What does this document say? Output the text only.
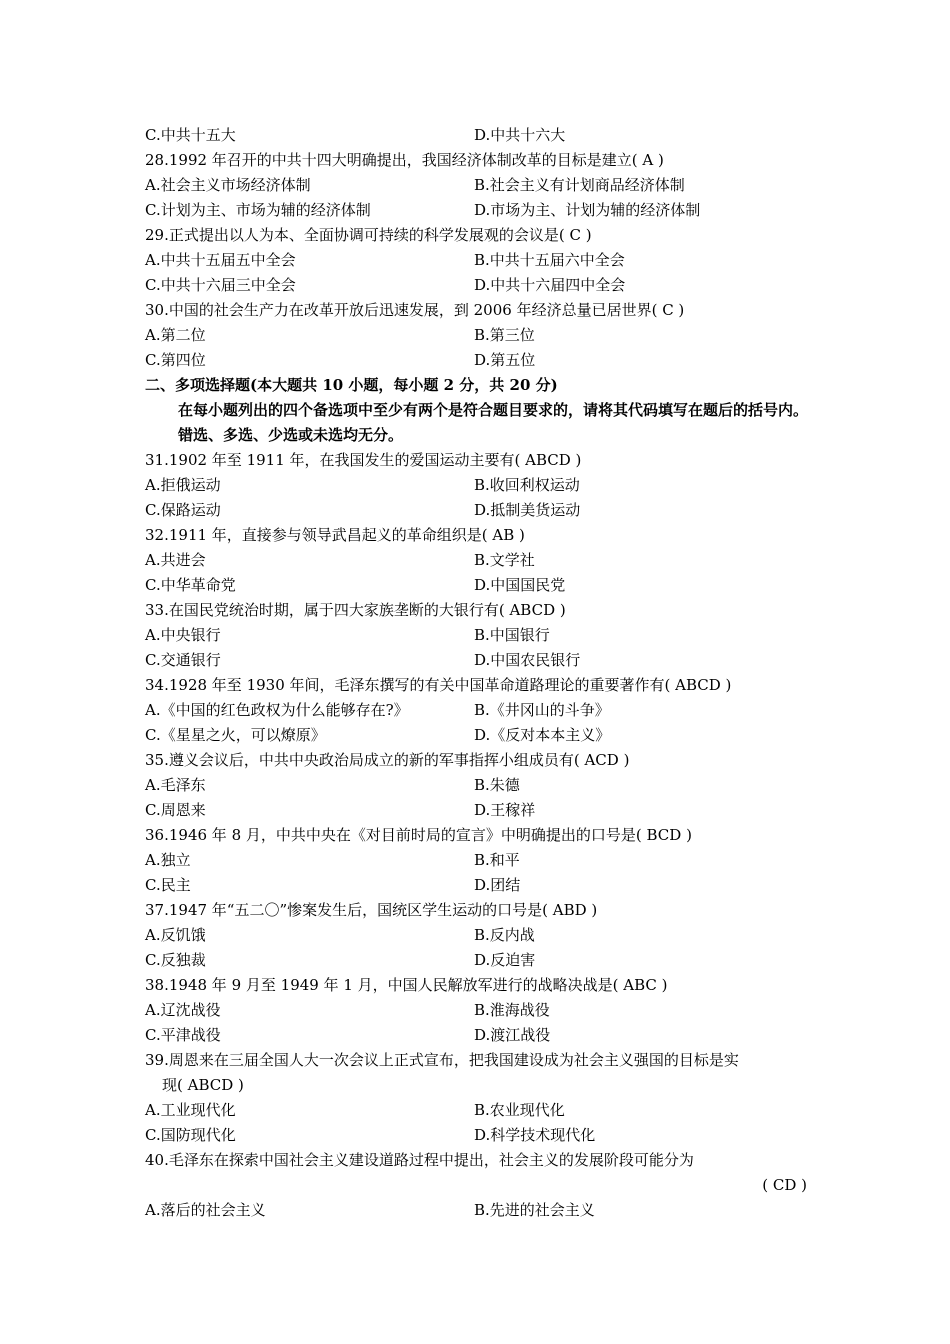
C.中共十五大	D.中共十六大
28.1992 年召开的中共十四大明确提出，我国经济体制改革的目标是建立( A )
A.社会主义市场经济体制	B.社会主义有计划商品经济体制
C.计划为主、市场为辅的经济体制	D.市场为主、计划为辅的经济体制
29.正式提出以人为本、全面协调可持续的科学发展观的会议是( C )
A.中共十五届五中全会	B.中共十五届六中全会
C.中共十六届三中全会	D.中共十六届四中全会
30.中国的社会生产力在改革开放后迅速发展，到 2006 年经济总量已居世界( C )
A.第二位	B.第三位
C.第四位	D.第五位
二、多项选择题(本大题共 10 小题，每小题 2 分，共 20 分)
在每小题列出的四个备选项中至少有两个是符合题目要求的，请将其代码填写在题后的括号内。错选、多选、少选或未选均无分。
31.1902 年至 1911 年，在我国发生的爱国运动主要有( ABCD )
A.拒俄运动	B.收回利权运动
C.保路运动	D.抵制美货运动
32.1911 年，直接参与领导武昌起义的革命组织是( AB )
A.共进会	B.文学社
C.中华革命党	D.中国国民党
33.在国民党统治时期，属于四大家族垄断的大银行有( ABCD )
A.中央银行	B.中国银行
C.交通银行	D.中国农民银行
34.1928 年至 1930 年间，毛泽东撰写的有关中国革命道路理论的重要著作有( ABCD )
A.《中国的红色政权为什么能够存在?》	B.《井冈山的斗争》
C.《星星之火，可以燎原》	D.《反对本本主义》
35.遵义会议后，中共中央政治局成立的新的军事指挥小组成员有( ACD )
A.毛泽东	B.朱德
C.周恩来	D.王稼祥
36.1946 年 8 月，中共中央在《对目前时局的宣言》中明确提出的口号是( BCD )
A.独立	B.和平
C.民主	D.团结
37.1947 年“五二〇”惨案发生后，国统区学生运动的口号是( ABD )
A.反饥饿	B.反内战
C.反独裁	D.反迫害
38.1948 年 9 月至 1949 年 1 月，中国人民解放军进行的战略决战是( ABC )
A.辽沈战役	B.淮海战役
C.平津战役	D.渡江战役
39.周恩来在三届全国人大一次会议上正式宣布，把我国建设成为社会主义强国的目标是实
现( ABCD )
A.工业现代化	B.农业现代化
C.国防现代化	D.科学技术现代化
40.毛泽东在探索中国社会主义建设道路过程中提出，社会主义的发展阶段可能分为
( CD )
A.落后的社会主义	B.先进的社会主义
